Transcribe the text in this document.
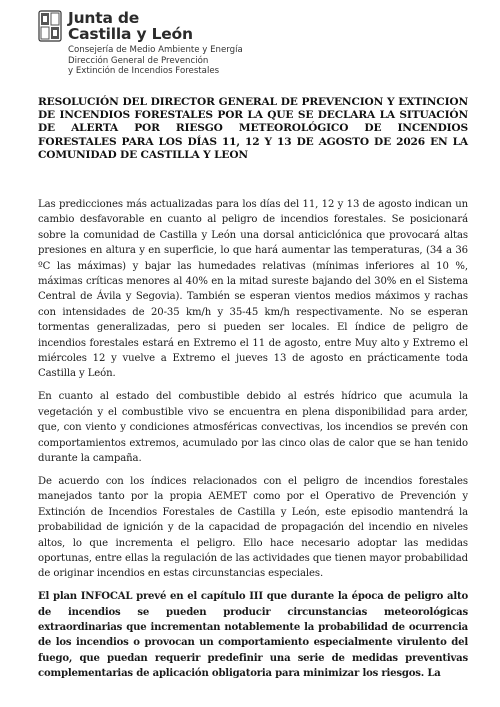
Junta de
Castilla y León
Consejería de Medio Ambiente y Energía
Dirección General de Prevención
y Extinción de Incendios Forestales
RESOLUCIÓN DEL DIRECTOR GENERAL DE PREVENCION Y EXTINCION DE INCENDIOS FORESTALES POR LA QUE SE DECLARA LA SITUACIÓN DE ALERTA POR RIESGO METEOROLÓGICO DE INCENDIOS FORESTALES PARA LOS DÍAS 11, 12 Y 13 DE AGOSTO DE 2026 EN LA COMUNIDAD DE CASTILLA Y LEON

Las predicciones más actualizadas para los días del 11, 12 y 13 de agosto indican un cambio desfavorable en cuanto al peligro de incendios forestales. Se posicionará sobre la comunidad de Castilla y León una dorsal anticiclónica que provocará altas presiones en altura y en superficie, lo que hará aumentar las temperaturas, (34 a 36 ºC las máximas) y bajar las humedades relativas (mínimas inferiores al 10 %, máximas críticas menores al 40% en la mitad sureste bajando del 30% en el Sistema Central de Ávila y Segovia). También se esperan vientos medios máximos y rachas con intensidades de 20-35 km/h y 35-45 km/h respectivamente. No se esperan tormentas generalizadas, pero si pueden ser locales. El índice de peligro de incendios forestales estará en Extremo el 11 de agosto, entre Muy alto y Extremo el miércoles 12 y vuelve a Extremo el jueves 13 de agosto en prácticamente toda Castilla y León.

En cuanto al estado del combustible debido al estrés hídrico que acumula la vegetación y el combustible vivo se encuentra en plena disponibilidad para arder, que, con viento y condiciones atmosféricas convectivas, los incendios se prevén con comportamientos extremos, acumulado por las cinco olas de calor que se han tenido durante la campaña.

De acuerdo con los índices relacionados con el peligro de incendios forestales manejados tanto por la propia AEMET como por el Operativo de Prevención y Extinción de Incendios Forestales de Castilla y León, este episodio mantendrá la probabilidad de ignición y de la capacidad de propagación del incendio en niveles altos, lo que incrementa el peligro. Ello hace necesario adoptar las medidas oportunas, entre ellas la regulación de las actividades que tienen mayor probabilidad de originar incendios en estas circunstancias especiales.

El plan INFOCAL prevé en el capítulo III que durante la época de peligro alto de incendios se pueden producir circunstancias meteorológicas extraordinarias que incrementan notablemente la probabilidad de ocurrencia de los incendios o provocan un comportamiento especialmente virulento del fuego, que puedan requerir predefinir una serie de medidas preventivas complementarias de aplicación obligatoria para minimizar los riesgos. La
